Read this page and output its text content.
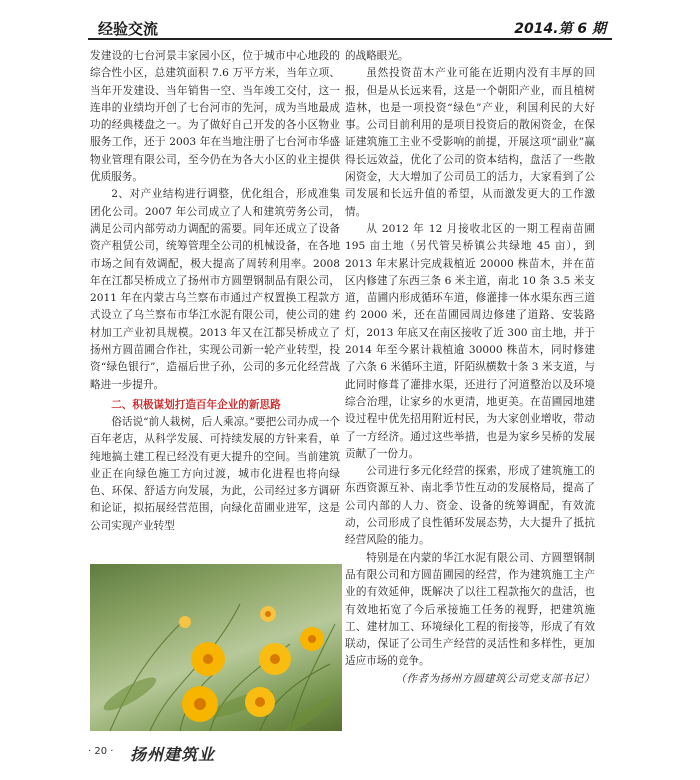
经验交流	2014.第 6 期

发建设的七台河景丰家园小区，位于城市中心地段的综合性小区，总建筑面积 7.6 万平方米，当年立项、当年开发建设、当年销售一空、当年竣工交付，这一连串的业绩均开创了七台河市的先河，成为当地最成功的经典楼盘之一。为了做好自己开发的各小区物业服务工作，还于 2003 年在当地注册了七台河市华盛物业管理有限公司，至今仍在为各大小区的业主提供优质服务。

2、对产业结构进行调整，优化组合，形成准集团化公司。2007 年公司成立了人和建筑劳务公司，满足公司内部劳动力调配的需要。同年还成立了设备资产租赁公司，统筹管理全公司的机械设备，在各地市场之间有效调配，极大提高了周转利用率。2008 年在江都吴桥成立了扬州市方圆塑钢制品有限公司，2011 年在内蒙古乌兰察布市通过产权置换工程款方式设立了乌兰察布市华江水泥有限公司，使公司的建材加工产业初具规模。2013 年又在江都吴桥成立了扬州方圆苗圃合作社，实现公司新一轮产业转型，投资“绿色银行”，造福后世子孙，公司的多元化经营战略进一步提升。

二、积极谋划打造百年企业的新思路

俗话说“前人栽树，后人乘凉。”要把公司办成一个百年老店，从科学发展、可持续发展的方针来看，单纯地搞土建工程已经没有更大提升的空间。当前建筑业正在向绿色施工方向过渡，城市化进程也将向绿色、环保、舒适方向发展，为此，公司经过多方调研和论证，拟拓展经营范围，向绿化苗圃业进军，这是公司实现产业转型

的战略眼光。

虽然投资苗木产业可能在近期内没有丰厚的回报，但是从长远来看，这是一个朝阳产业，而且植树造林，也是一项投资“绿色”产业，利国利民的大好事。公司目前利用的是项目投资后的散闲资金，在保证建筑施工主业不受影响的前提，开展这项“副业”赢得长远效益，优化了公司的资本结构，盘活了一些散闲资金，大大增加了公司员工的活力，大家看到了公司发展和长远升值的希望，从而激发更大的工作激情。

从 2012 年 12 月接收北区的一期工程南苗圃 195 亩土地（另代管吴桥镇公共绿地 45 亩），到 2013 年末累计完成栽植近 20000 株苗木，并在苗区内修建了东西三条 6 米主道，南北 10 条 3.5 米支道，苗圃内形成循环车道，修灌排一体水渠东西三道约 2000 米，还在苗圃园周边修建了道路、安装路灯，2013 年底又在南区接收了近 300 亩土地，并于 2014 年至今累计栽植逾 30000 株苗木，同时修建了六条 6 米循环主道，阡陌纵横数十条 3 米支道，与此同时修葺了灌排水渠，还进行了河道整治以及环境综合治理，让家乡的水更清，地更美。在苗圃园地建设过程中优先招用附近村民，为大家创业增收，带动了一方经济。通过这些举措，也是为家乡吴桥的发展贡献了一份力。

公司进行多元化经营的探索，形成了建筑施工的东西资源互补、南北季节性互动的发展格局，提高了公司内部的人力、资金、设备的统筹调配，有效流动，公司形成了良性循环发展态势，大大提升了抵抗经营风险的能力。

特别是在内蒙的华江水泥有限公司、方圆塑钢制品有限公司和方圆苗圃园的经营，作为建筑施工主产业的有效延伸，既解决了以往工程款拖欠的盘活，也有效地拓宽了今后承接施工任务的视野，把建筑施工、建材加工、环境绿化工程的衔接等，形成了有效联动，保证了公司生产经营的灵活性和多样性，更加适应市场的竞争。

（作者为扬州方圆建筑公司党支部书记）

· 20 · 扬州建筑业
